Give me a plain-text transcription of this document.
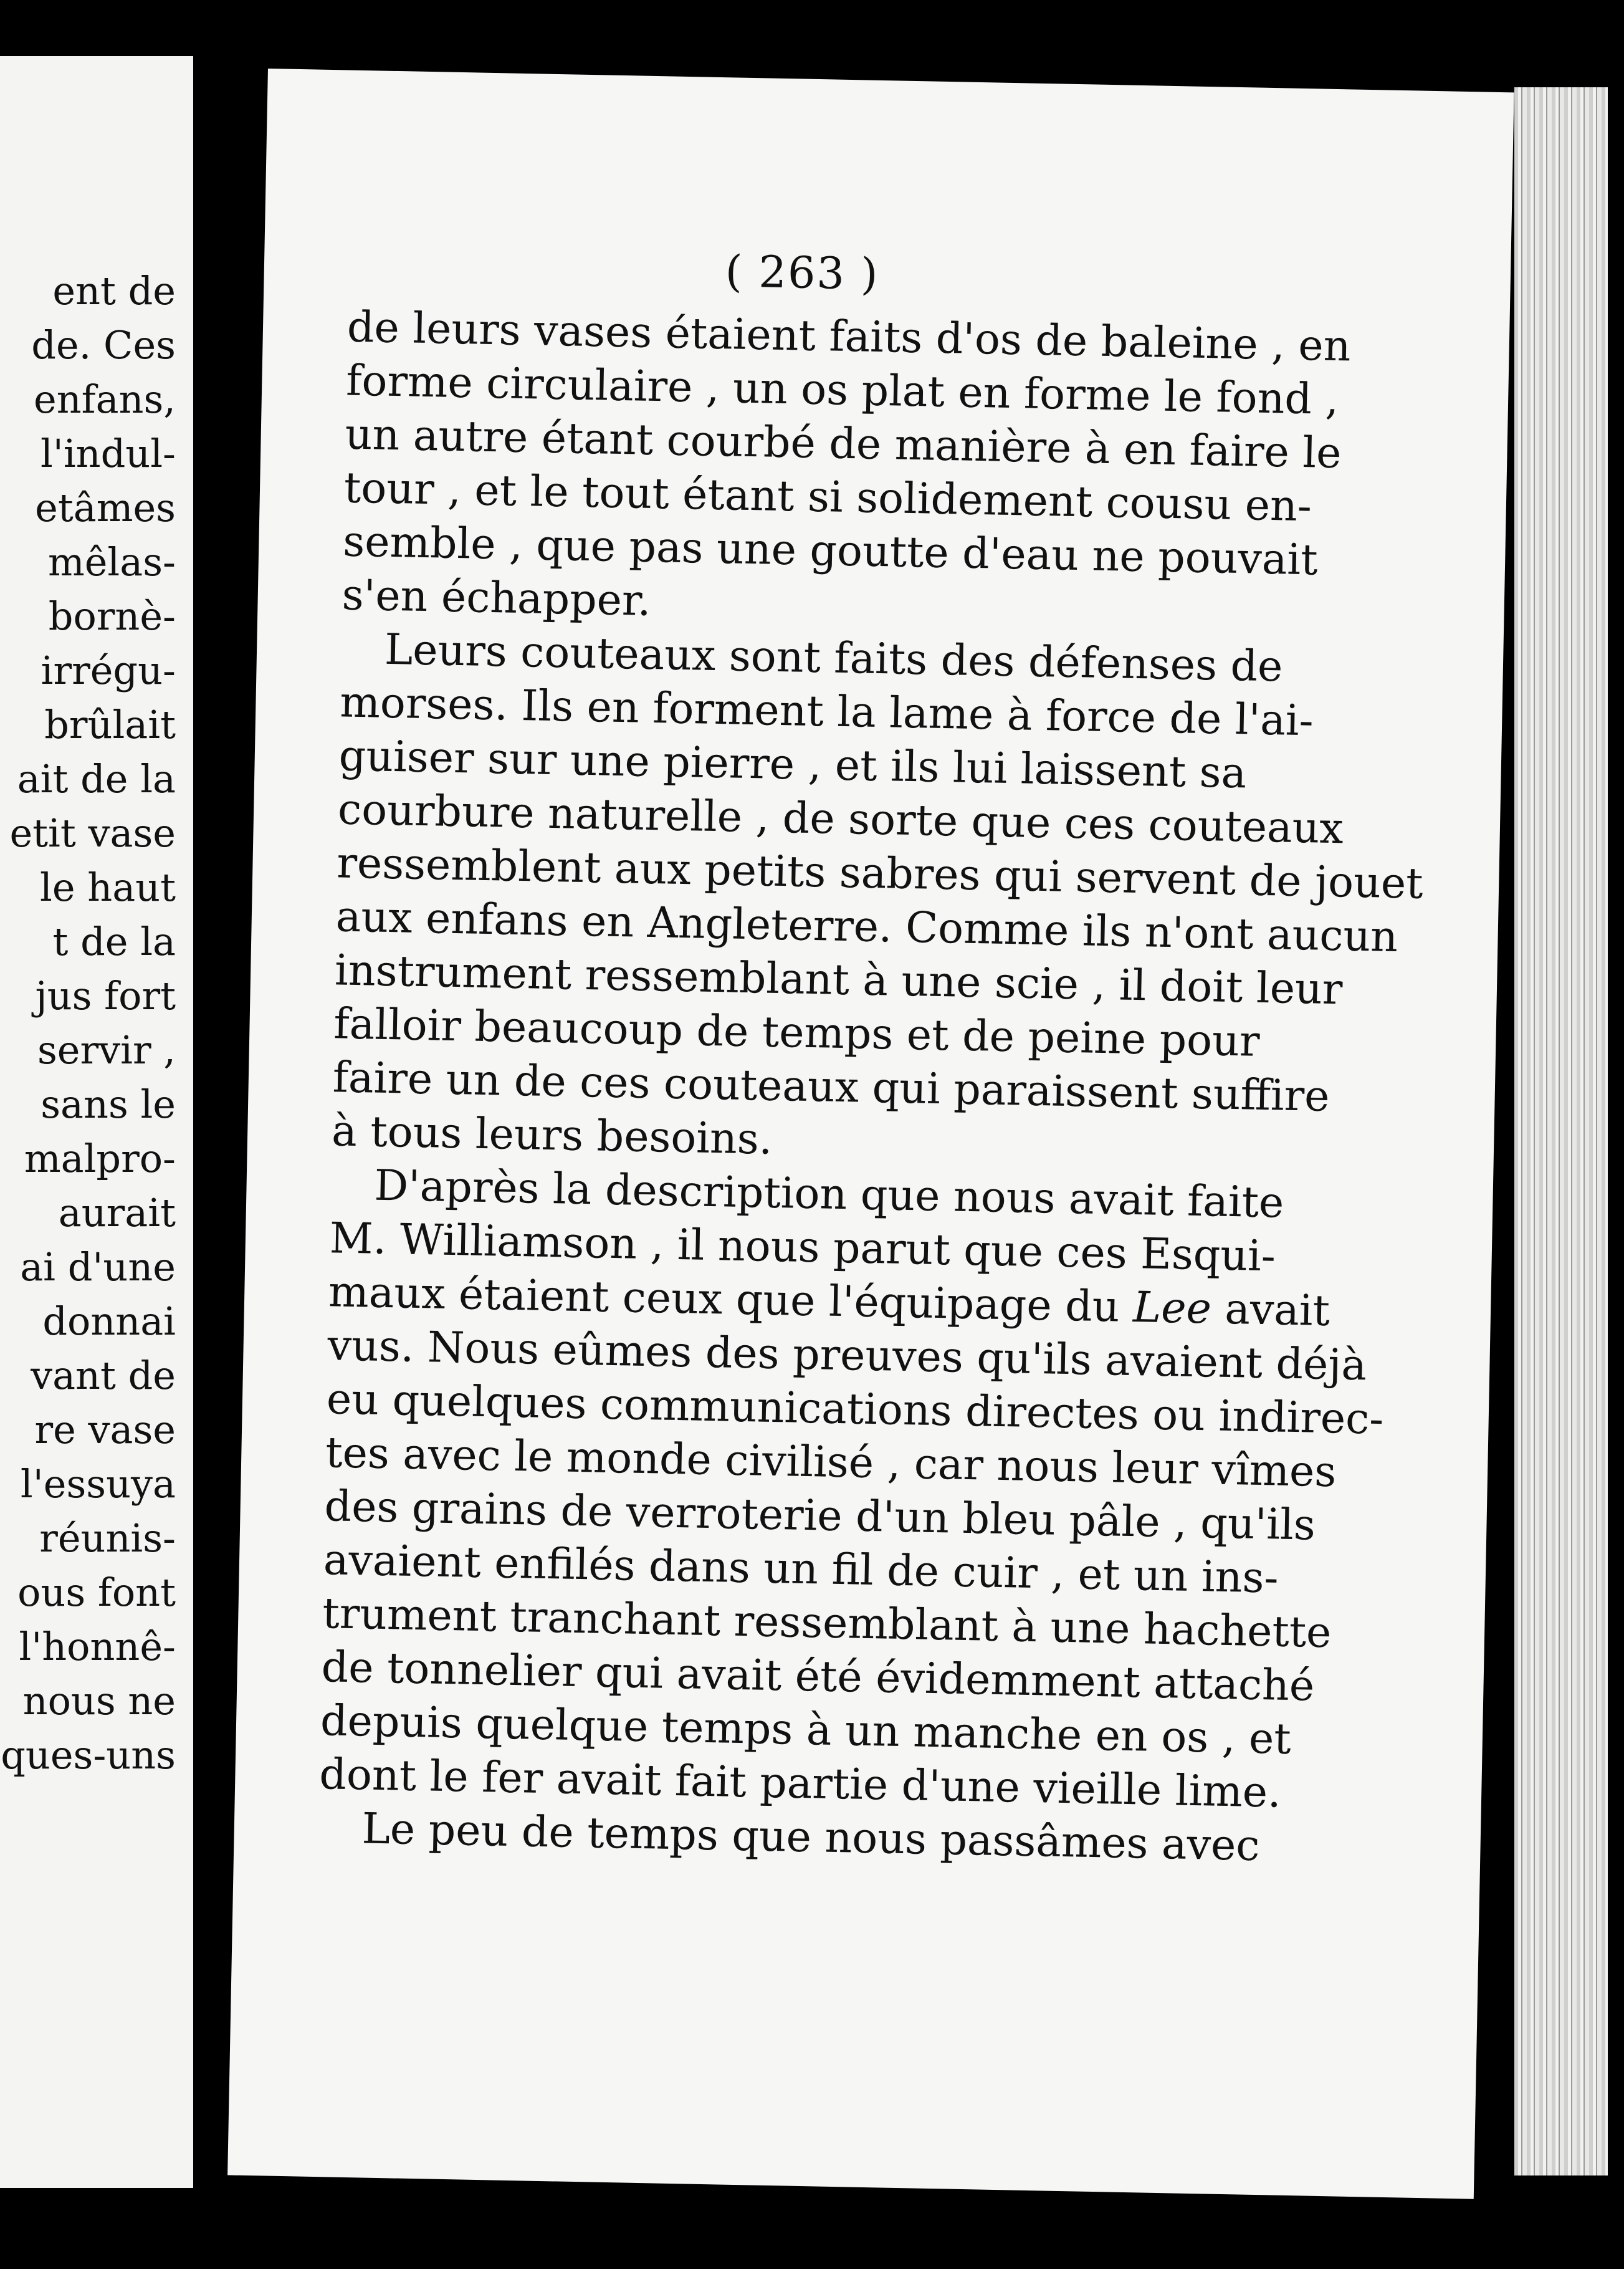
ent de
de. Ces
enfans,
l'indul-
etâmes
mêlas-
bornè-
irrégu-
brûlait
ait de la
etit vase
le haut
t de la
jus fort
servir ,
sans le
malpro-
aurait
ai d'une
donnai
vant de
re vase
l'essuya
réunis-
ous font
l'honnê-
nous ne
ques-uns
( 263 )
de leurs vases étaient faits d'os de baleine , en
forme circulaire , un os plat en forme le fond ,
un autre étant courbé de manière à en faire le
tour , et le tout étant si solidement cousu en-
semble , que pas une goutte d'eau ne pouvait
s'en échapper.
Leurs couteaux sont faits des défenses de
morses. Ils en forment la lame à force de l'ai-
guiser sur une pierre , et ils lui laissent sa
courbure naturelle , de sorte que ces couteaux
ressemblent aux petits sabres qui servent de jouet
aux enfans en Angleterre. Comme ils n'ont aucun
instrument ressemblant à une scie , il doit leur
falloir beaucoup de temps et de peine pour
faire un de ces couteaux qui paraissent suffire
à tous leurs besoins.
D'après la description que nous avait faite
M. Williamson , il nous parut que ces Esqui-
maux étaient ceux que l'équipage du Lee avait
vus. Nous eûmes des preuves qu'ils avaient déjà
eu quelques communications directes ou indirec-
tes avec le monde civilisé , car nous leur vîmes
des grains de verroterie d'un bleu pâle , qu'ils
avaient enfilés dans un fil de cuir , et un ins-
trument tranchant ressemblant à une hachette
de tonnelier qui avait été évidemment attaché
depuis quelque temps à un manche en os , et
dont le fer avait fait partie d'une vieille lime.
Le peu de temps que nous passâmes avec
